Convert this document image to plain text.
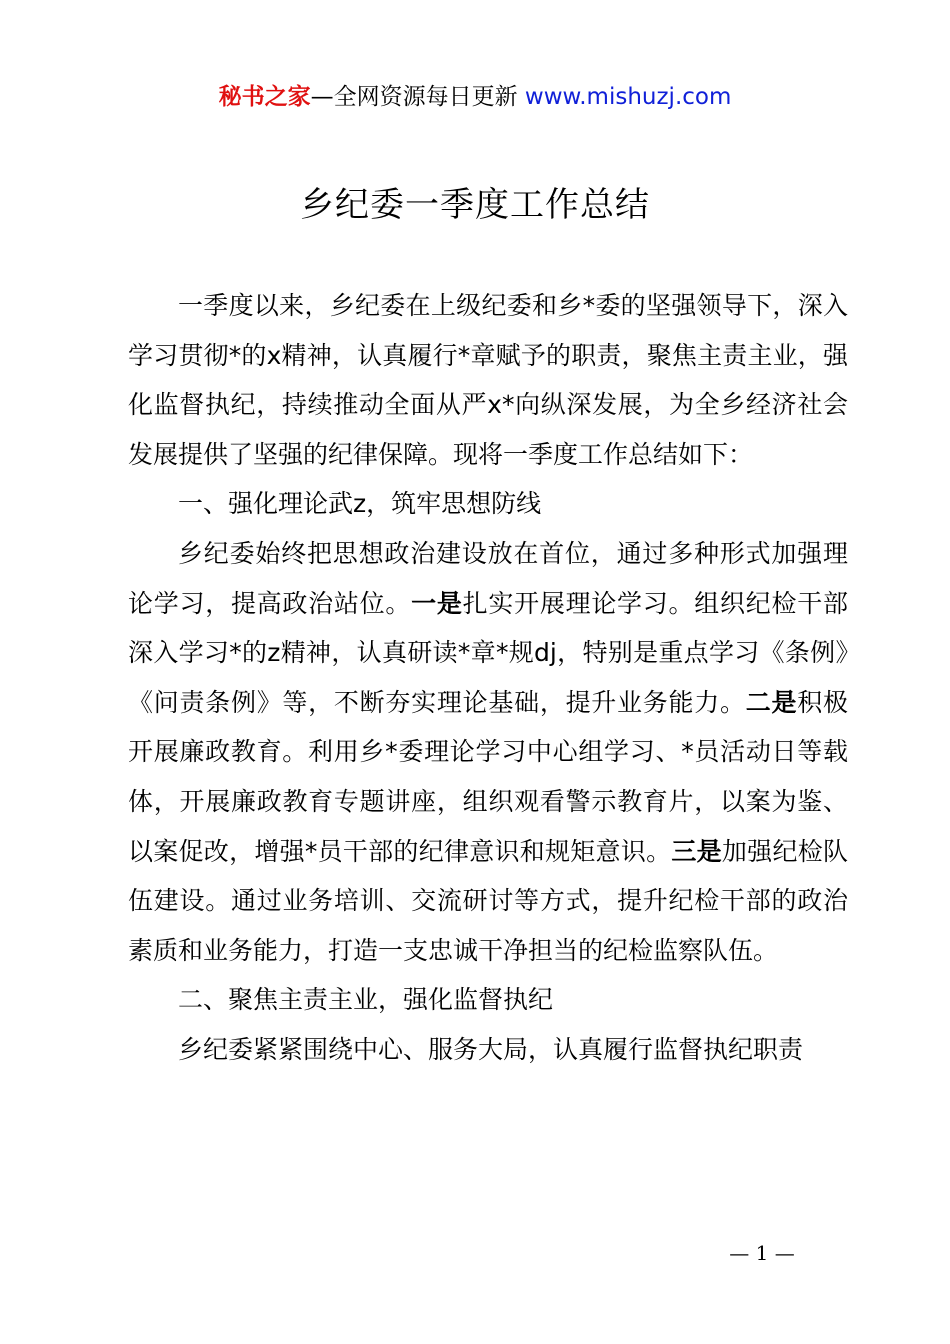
秘书之家—全网资源每日更新 www.mishuzj.com
乡纪委一季度工作总结

一季度以来，乡纪委在上级纪委和乡*委的坚强领导下，深入学习贯彻*的x精神，认真履行*章赋予的职责，聚焦主责主业，强化监督执纪，持续推动全面从严x*向纵深发展，为全乡经济社会发展提供了坚强的纪律保障。现将一季度工作总结如下：

一、强化理论武z，筑牢思想防线

乡纪委始终把思想政治建设放在首位，通过多种形式加强理论学习，提高政治站位。一是扎实开展理论学习。组织纪检干部深入学习*的z精神，认真研读*章*规dj，特别是重点学习《条例》《问责条例》等，不断夯实理论基础，提升业务能力。二是积极开展廉政教育。利用乡*委理论学习中心组学习、*员活动日等载体，开展廉政教育专题讲座，组织观看警示教育片，以案为鉴、以案促改，增强*员干部的纪律意识和规矩意识。三是加强纪检队伍建设。通过业务培训、交流研讨等方式，提升纪检干部的政治素质和业务能力，打造一支忠诚干净担当的纪检监察队伍。

二、聚焦主责主业，强化监督执纪

乡纪委紧紧围绕中心、服务大局，认真履行监督执纪职责

— 1 —
